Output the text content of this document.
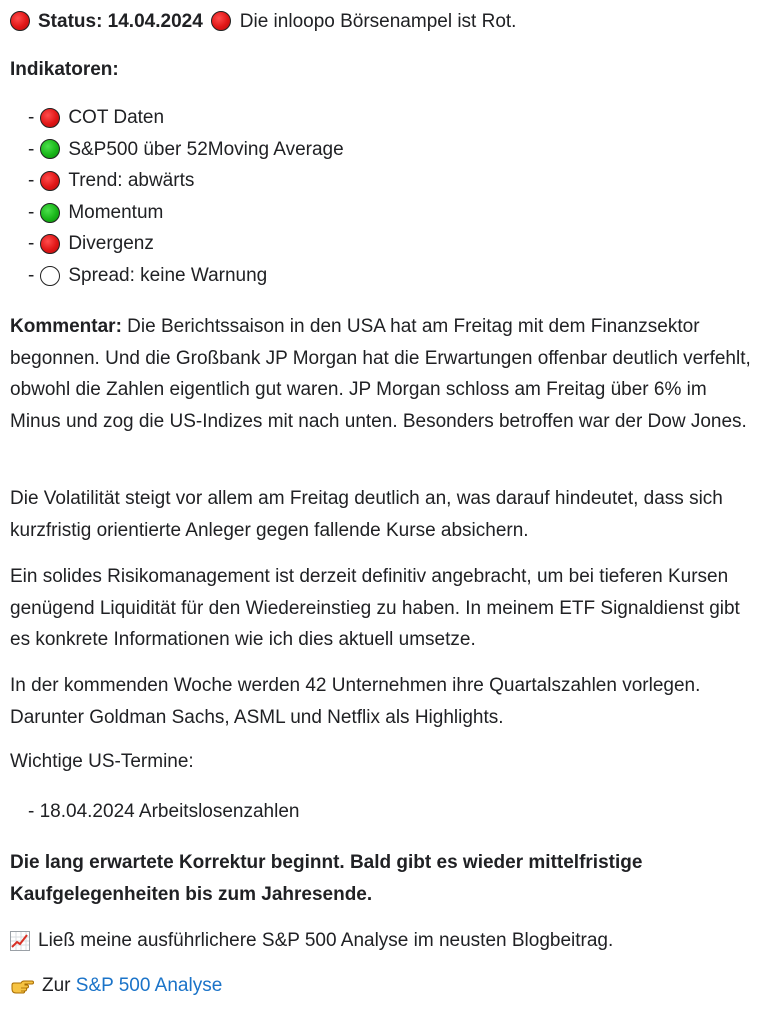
Status: 14.04.2024 Die inloopo Börsenampel ist Rot.
Indikatoren:
- COT Daten
- S&P500 über 52Moving Average
- Trend: abwärts
- Momentum
- Divergenz
- Spread: keine Warnung

Kommentar: Die Berichtssaison in den USA hat am Freitag mit dem Finanzsektor begonnen. Und die Großbank JP Morgan hat die Erwartungen offenbar deutlich verfehlt, obwohl die Zahlen eigentlich gut waren. JP Morgan schloss am Freitag über 6% im Minus und zog die US-Indizes mit nach unten. Besonders betroffen war der Dow Jones.

Die Volatilität steigt vor allem am Freitag deutlich an, was darauf hindeutet, dass sich kurzfristig orientierte Anleger gegen fallende Kurse absichern.

Ein solides Risikomanagement ist derzeit definitiv angebracht, um bei tieferen Kursen genügend Liquidität für den Wiedereinstieg zu haben. In meinem ETF Signaldienst gibt es konkrete Informationen wie ich dies aktuell umsetze.

In der kommenden Woche werden 42 Unternehmen ihre Quartalszahlen vorlegen. Darunter Goldman Sachs, ASML und Netflix als Highlights.

Wichtige US-Termine:

- 18.04.2024 Arbeitslosenzahlen

Die lang erwartete Korrektur beginnt. Bald gibt es wieder mittelfristige Kaufgelegenheiten bis zum Jahresende.

Ließ meine ausführlichere S&P 500 Analyse im neusten Blogbeitrag.
Zur S&P 500 Analyse
